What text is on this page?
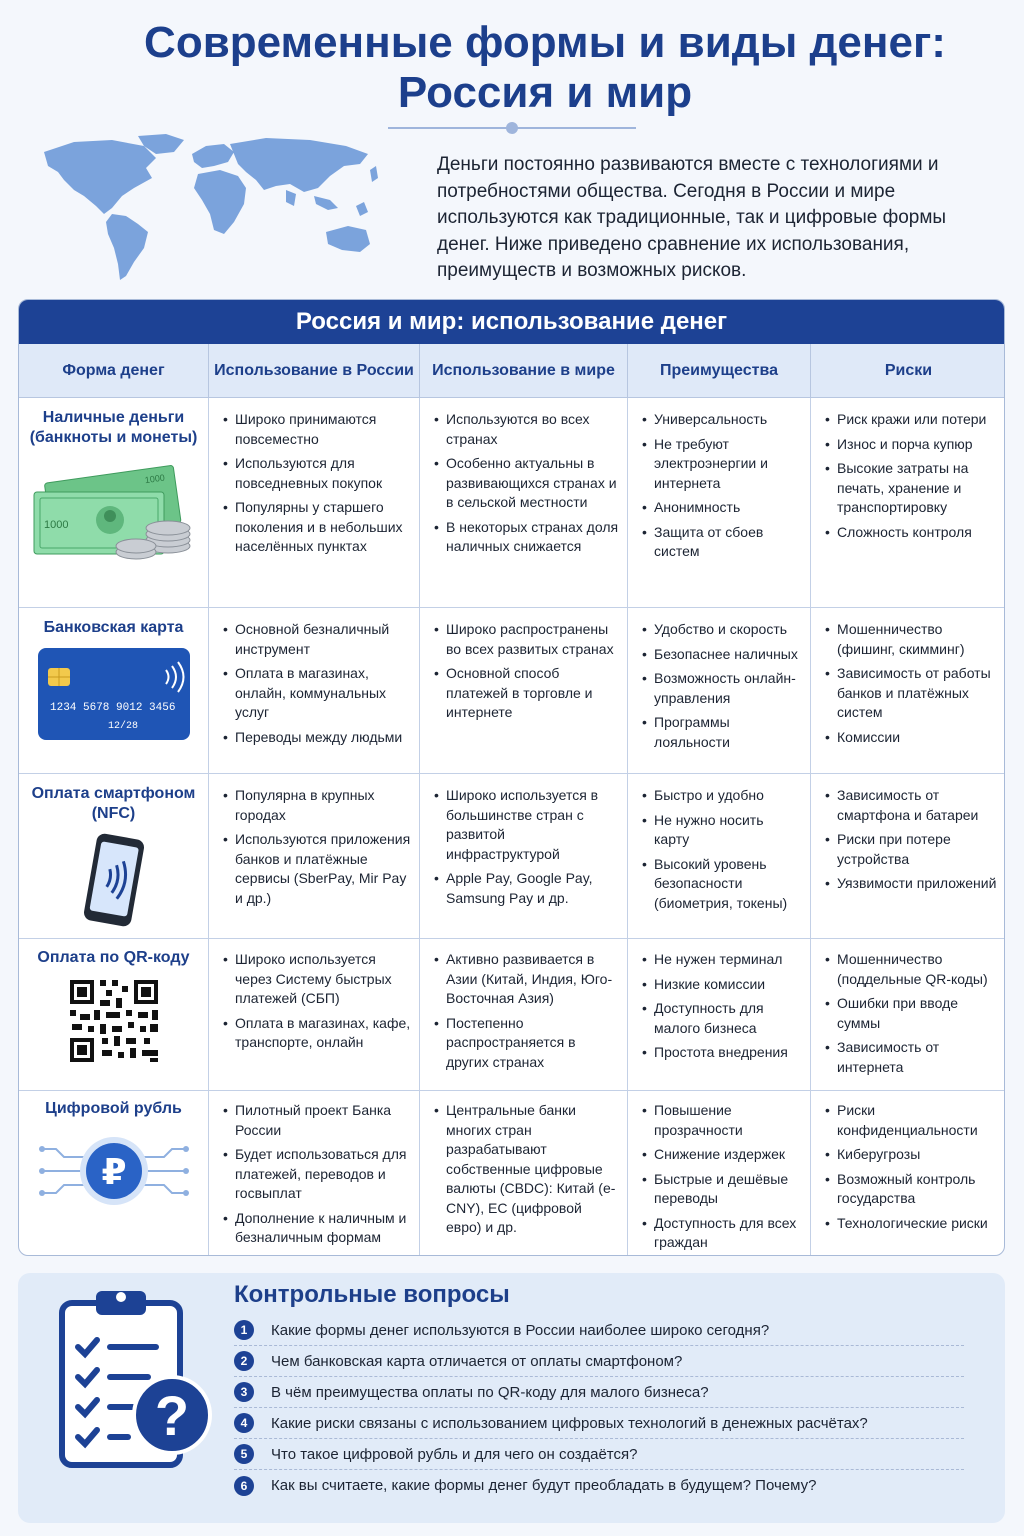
Современные формы и виды денег:
Россия и мир

Деньги постоянно развиваются вместе с технологиями и потребностями общества. Сегодня в России и мире используются как традиционные, так и цифровые формы денег. Ниже приведено сравнение их использования, преимуществ и возможных рисков.

Россия и мир: использование денег
Форма денег	Использование в России	Использование в мире	Преимущества	Риски
Наличные деньги (банкноты и монеты)
1000
1000
• Широко принимаются повсеместно
• Используются для повседневных покупок
• Популярны у старшего поколения и в небольших населённых пунктах
• Используются во всех странах
• Особенно актуальны в развивающихся странах и в сельской местности
• В некоторых странах доля наличных снижается
• Универсальность
• Не требуют электроэнергии и интернета
• Анонимность
• Защита от сбоев систем
• Риск кражи или потери
• Износ и порча купюр
• Высокие затраты на печать, хранение и транспортировку
• Сложность контроля
Банковская карта
1234 5678 9012 3456
12/28
• Основной безналичный инструмент
• Оплата в магазинах, онлайн, коммунальных услуг
• Переводы между людьми
• Широко распространены во всех развитых странах
• Основной способ платежей в торговле и интернете
• Удобство и скорость
• Безопаснее наличных
• Возможность онлайн-управления
• Программы лояльности
• Мошенничество (фишинг, скимминг)
• Зависимость от работы банков и платёжных систем
• Комиссии
Оплата смартфоном (NFC)
• Популярна в крупных городах
• Используются приложения банков и платёжные сервисы (SberPay, Mir Pay и др.)
• Широко используется в большинстве стран с развитой инфраструктурой
• Apple Pay, Google Pay, Samsung Pay и др.
• Быстро и удобно
• Не нужно носить карту
• Высокий уровень безопасности (биометрия, токены)
• Зависимость от смартфона и батареи
• Риски при потере устройства
• Уязвимости приложений
Оплата по QR-коду
•	Широко используется через Систему быстрых платежей (СБП)
• Оплата в магазинах, кафе, транспорте, онлайн
• Активно развивается в Азии (Китай, Индия, Юго-Восточная Азия)
• Постепенно распространяется в других странах
• Не нужен терминал
• Низкие комиссии
• Доступность для малого бизнеса
• Простота внедрения
• Мошенничество (поддельные QR-коды)
• Ошибки при вводе суммы
• Зависимость от интернета
Цифровой рубль
₽
• Пилотный проект Банка России
• Будет использоваться для платежей, переводов и госвыплат
• Дополнение к наличным и безналичным формам
• Центральные банки многих стран разрабатывают собственные цифровые валюты (CBDC): Китай (e-CNY), ЕС (цифровой евро) и др.
• Повышение прозрачности
• Снижение издержек
• Быстрые и дешёвые переводы
• Доступность для всех граждан
• Риски конфиденциальности
• Киберугрозы
• Возможный контроль государства
• Технологические риски
?
Контрольные вопросы
1	Какие формы денег используются в России наиболее широко сегодня?
2	Чем банковская карта отличается от оплаты смартфоном?
3	В чём преимущества оплаты по QR-коду для малого бизнеса?
4	Какие риски связаны с использованием цифровых технологий в денежных расчётах?
5	Что такое цифровой рубль и для чего он создаётся?
6	Как вы считаете, какие формы денег будут преобладать в будущем? Почему?
